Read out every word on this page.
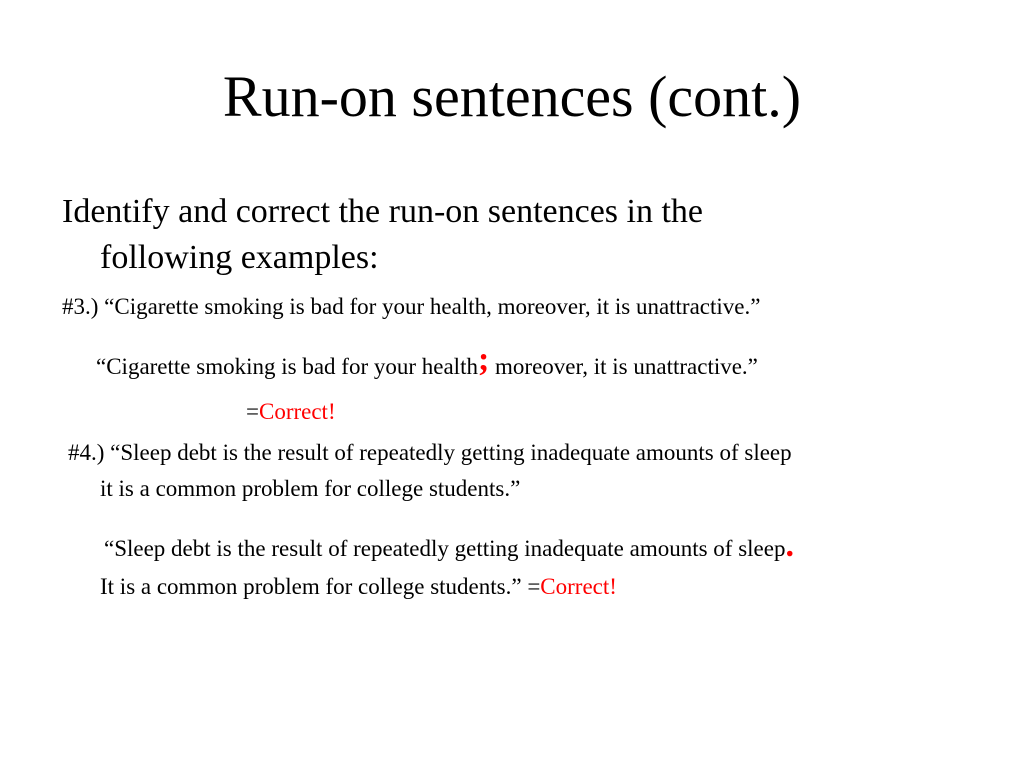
Run-on sentences (cont.)
Identify and correct the run-on sentences in the
following examples:
#3.) “Cigarette smoking is bad for your health, moreover, it is unattractive.”
“Cigarette smoking is bad for your health; moreover, it is unattractive.”
=Correct!
#4.) “Sleep debt is the result of repeatedly getting inadequate amounts of sleep
it is a common problem for college students.”
“Sleep debt is the result of repeatedly getting inadequate amounts of sleep.
It is a common problem for college students.” =Correct!
